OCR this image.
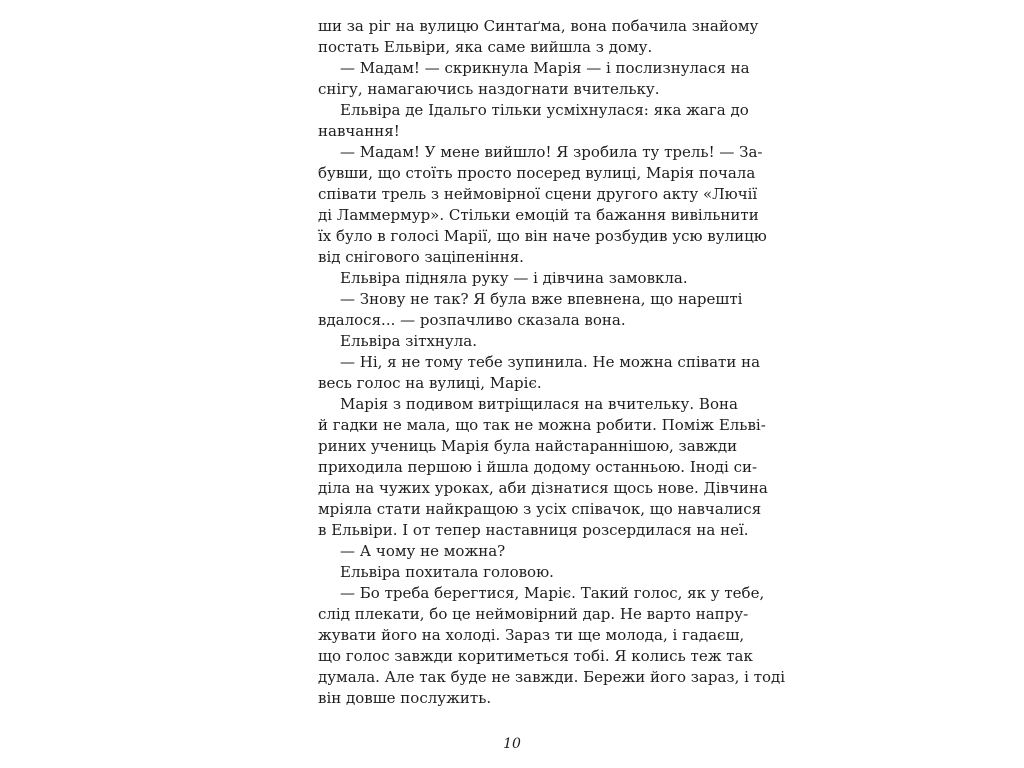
ши за ріг на вулицю Синтаґма, вона побачила знайому
постать Ельвіри, яка саме вийшла з дому.
— Мадам! — скрикнула Марія — і послизнулася на
снігу, намагаючись наздогнати вчительку.
Ельвіра де Ідальго тільки усміхнулася: яка жага до
навчання!
— Мадам! У мене вийшло! Я зробила ту трель! — За-
бувши, що стоїть просто посеред вулиці, Марія почала
співати трель з неймовірної сцени другого акту «Лючії
ді Ламмермур». Стільки емоцій та бажання вивільнити
їх було в голосі Марії, що він наче розбудив усю вулицю
від снігового заціпеніння.
Ельвіра підняла руку — і дівчина замовкла.
— Знову не так? Я була вже впевнена, що нарешті
вдалося... — розпачливо сказала вона.
Ельвіра зітхнула.
— Ні, я не тому тебе зупинила. Не можна співати на
весь голос на вулиці, Маріє.
Марія з подивом витріщилася на вчительку. Вона
й гадки не мала, що так не можна робити. Поміж Ельві-
риних учениць Марія була найстараннішою, завжди
приходила першою і йшла додому останньою. Іноді си-
діла на чужих уроках, аби дізнатися щось нове. Дівчина
мріяла стати найкращою з усіх співачок, що навчалися
в Ельвіри. І от тепер наставниця розсердилася на неї.
— А чому не можна?
Ельвіра похитала головою.
— Бо треба берегтися, Маріє. Такий голос, як у тебе,
слід плекати, бо це неймовірний дар. Не варто напру-
жувати його на холоді. Зараз ти ще молода, і гадаєш,
що голос завжди коритиметься тобі. Я колись теж так
думала. Але так буде не завжди. Бережи його зараз, і тоді
він довше послужить.
10
